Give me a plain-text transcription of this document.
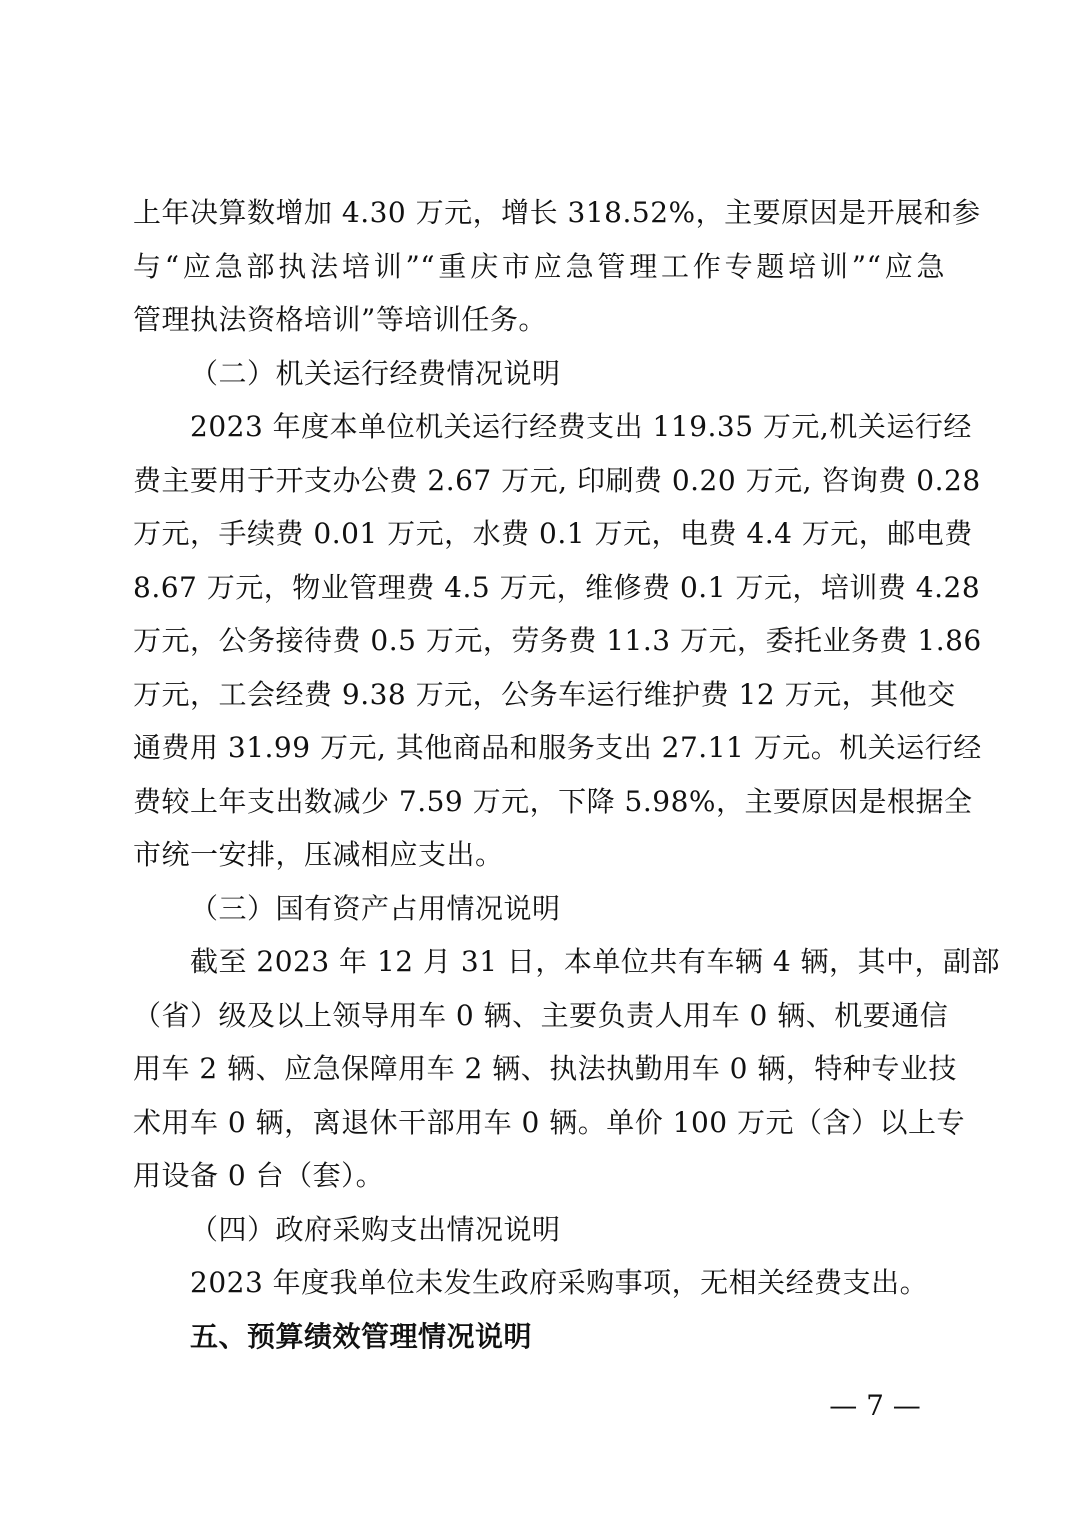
上年决算数增加 4.30 万元，增长 318.52%，主要原因是开展和参
与“应急部执法培训”“重庆市应急管理工作专题培训”“应急
管理执法资格培训”等培训任务。
（二）机关运行经费情况说明
2023 年度本单位机关运行经费支出 119.35 万元,机关运行经
费主要用于开支办公费 2.67 万元, 印刷费 0.20 万元, 咨询费 0.28
万元，手续费 0.01 万元，水费 0.1 万元，电费 4.4 万元，邮电费
8.67 万元，物业管理费 4.5 万元，维修费 0.1 万元，培训费 4.28
万元，公务接待费 0.5 万元，劳务费 11.3 万元，委托业务费 1.86
万元，工会经费 9.38 万元，公务车运行维护费 12 万元，其他交
通费用 31.99 万元, 其他商品和服务支出 27.11 万元。机关运行经
费较上年支出数减少 7.59 万元，下降 5.98%，主要原因是根据全
市统一安排，压减相应支出。
（三）国有资产占用情况说明
截至 2023 年 12 月 31 日，本单位共有车辆 4 辆，其中，副部
（省）级及以上领导用车 0 辆、主要负责人用车 0 辆、机要通信
用车 2 辆、应急保障用车 2 辆、执法执勤用车 0 辆，特种专业技
术用车 0 辆，离退休干部用车 0 辆。单价 100 万元（含）以上专
用设备 0 台（套）。
（四）政府采购支出情况说明
2023 年度我单位未发生政府采购事项，无相关经费支出。
五、预算绩效管理情况说明
— 7 —
